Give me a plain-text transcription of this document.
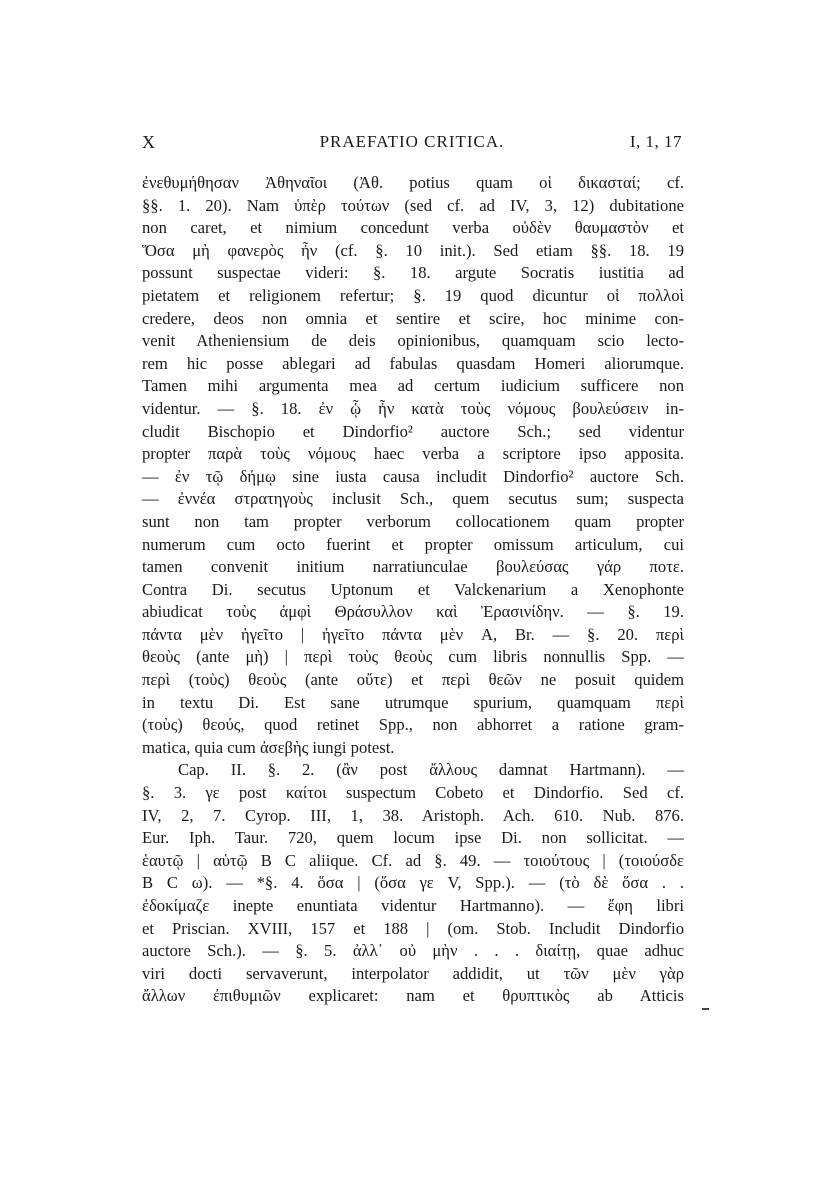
X	PRAEFATIO CRITICA.	I, 1, 17
ἐνεθυμήθησαν Ἀθηναῖοι (Ἀθ. potius quam οἱ δικασταί; cf.
§§. 1. 20). Nam ὑπὲρ τούτων (sed cf. ad IV, 3, 12) dubitatione
non caret, et nimium concedunt verba οὐδὲν θαυμαστὸν et
Ὅσα μὴ φανερὸς ἦν (cf. §. 10 init.). Sed etiam §§. 18. 19
possunt suspectae videri: §. 18. argute Socratis iustitia ad
pietatem et religionem refertur; §. 19 quod dicuntur οἱ πολλοὶ
credere, deos non omnia et sentire et scire, hoc minime con-
venit Atheniensium de deis opinionibus, quamquam scio lecto-
rem hic posse ablegari ad fabulas quasdam Homeri aliorumque.
Tamen mihi argumenta mea ad certum iudicium sufficere non
videntur. — §. 18. ἐν ᾧ ἦν κατὰ τοὺς νόμους βουλεύσειν in-
cludit Bischopio et Dindorfio² auctore Sch.; sed videntur
propter παρὰ τοὺς νόμους haec verba a scriptore ipso apposita.
— ἐν τῷ δήμῳ sine iusta causa includit Dindorfio² auctore Sch.
— ἐννέα στρατηγοὺς inclusit Sch., quem secutus sum; suspecta
sunt non tam propter verborum collocationem quam propter
numerum cum octo fuerint et propter omissum articulum, cui
tamen convenit initium narratiunculae βουλεύσας γάρ ποτε.
Contra Di. secutus Uptonum et Valckenarium a Xenophonte
abiudicat τοὺς ἀμφὶ Θράσυλλον καὶ Ἐρασινίδην. — §. 19.
πάντα μὲν ἡγεῖτο | ἡγεῖτο πάντα μὲν A, Br. — §. 20. περὶ
θεοὺς (ante μὴ) | περὶ τοὺς θεοὺς cum libris nonnullis Spp. —
περὶ (τοὺς) θεοὺς (ante οὔτε) et περὶ θεῶν ne posuit quidem
in textu Di. Est sane utrumque spurium, quamquam περὶ
(τοὺς) θεούς, quod retinet Spp., non abhorret a ratione gram-
matica, quia cum ἀσεβὴς iungi potest.
Cap. II. §. 2. (ἂν post ἄλλους damnat Hartmann). —
§. 3. γε post καίτοι suspectum Cobeto et Dindorfio. Sed cf.
IV, 2, 7. Cyrop. III, 1, 38. Aristoph. Ach. 610. Nub. 876.
Eur. Iph. Taur. 720, quem locum ipse Di. non sollicitat. —
ἑαυτῷ | αὑτῷ B C aliique. Cf. ad §. 49. — τοιούτους | (τοιούσδε
B C ω). — *§. 4. ὅσα | (ὅσα γε V, Spp.). — (τὸ δὲ ὅσα . .
ἐδοκίμαζε inepte enuntiata videntur Hartmanno). — ἔφη libri
et Priscian. XVIII, 157 et 188 | (om. Stob. Includit Dindorfio
auctore Sch.). — §. 5. ἀλλ᾽ οὐ μὴν . . . διαίτῃ, quae adhuc
viri docti servaverunt, interpolator addidit, ut τῶν μὲν γὰρ
ἄλλων ἐπιθυμιῶν explicaret: nam et θρυπτικὸς ab Atticis
